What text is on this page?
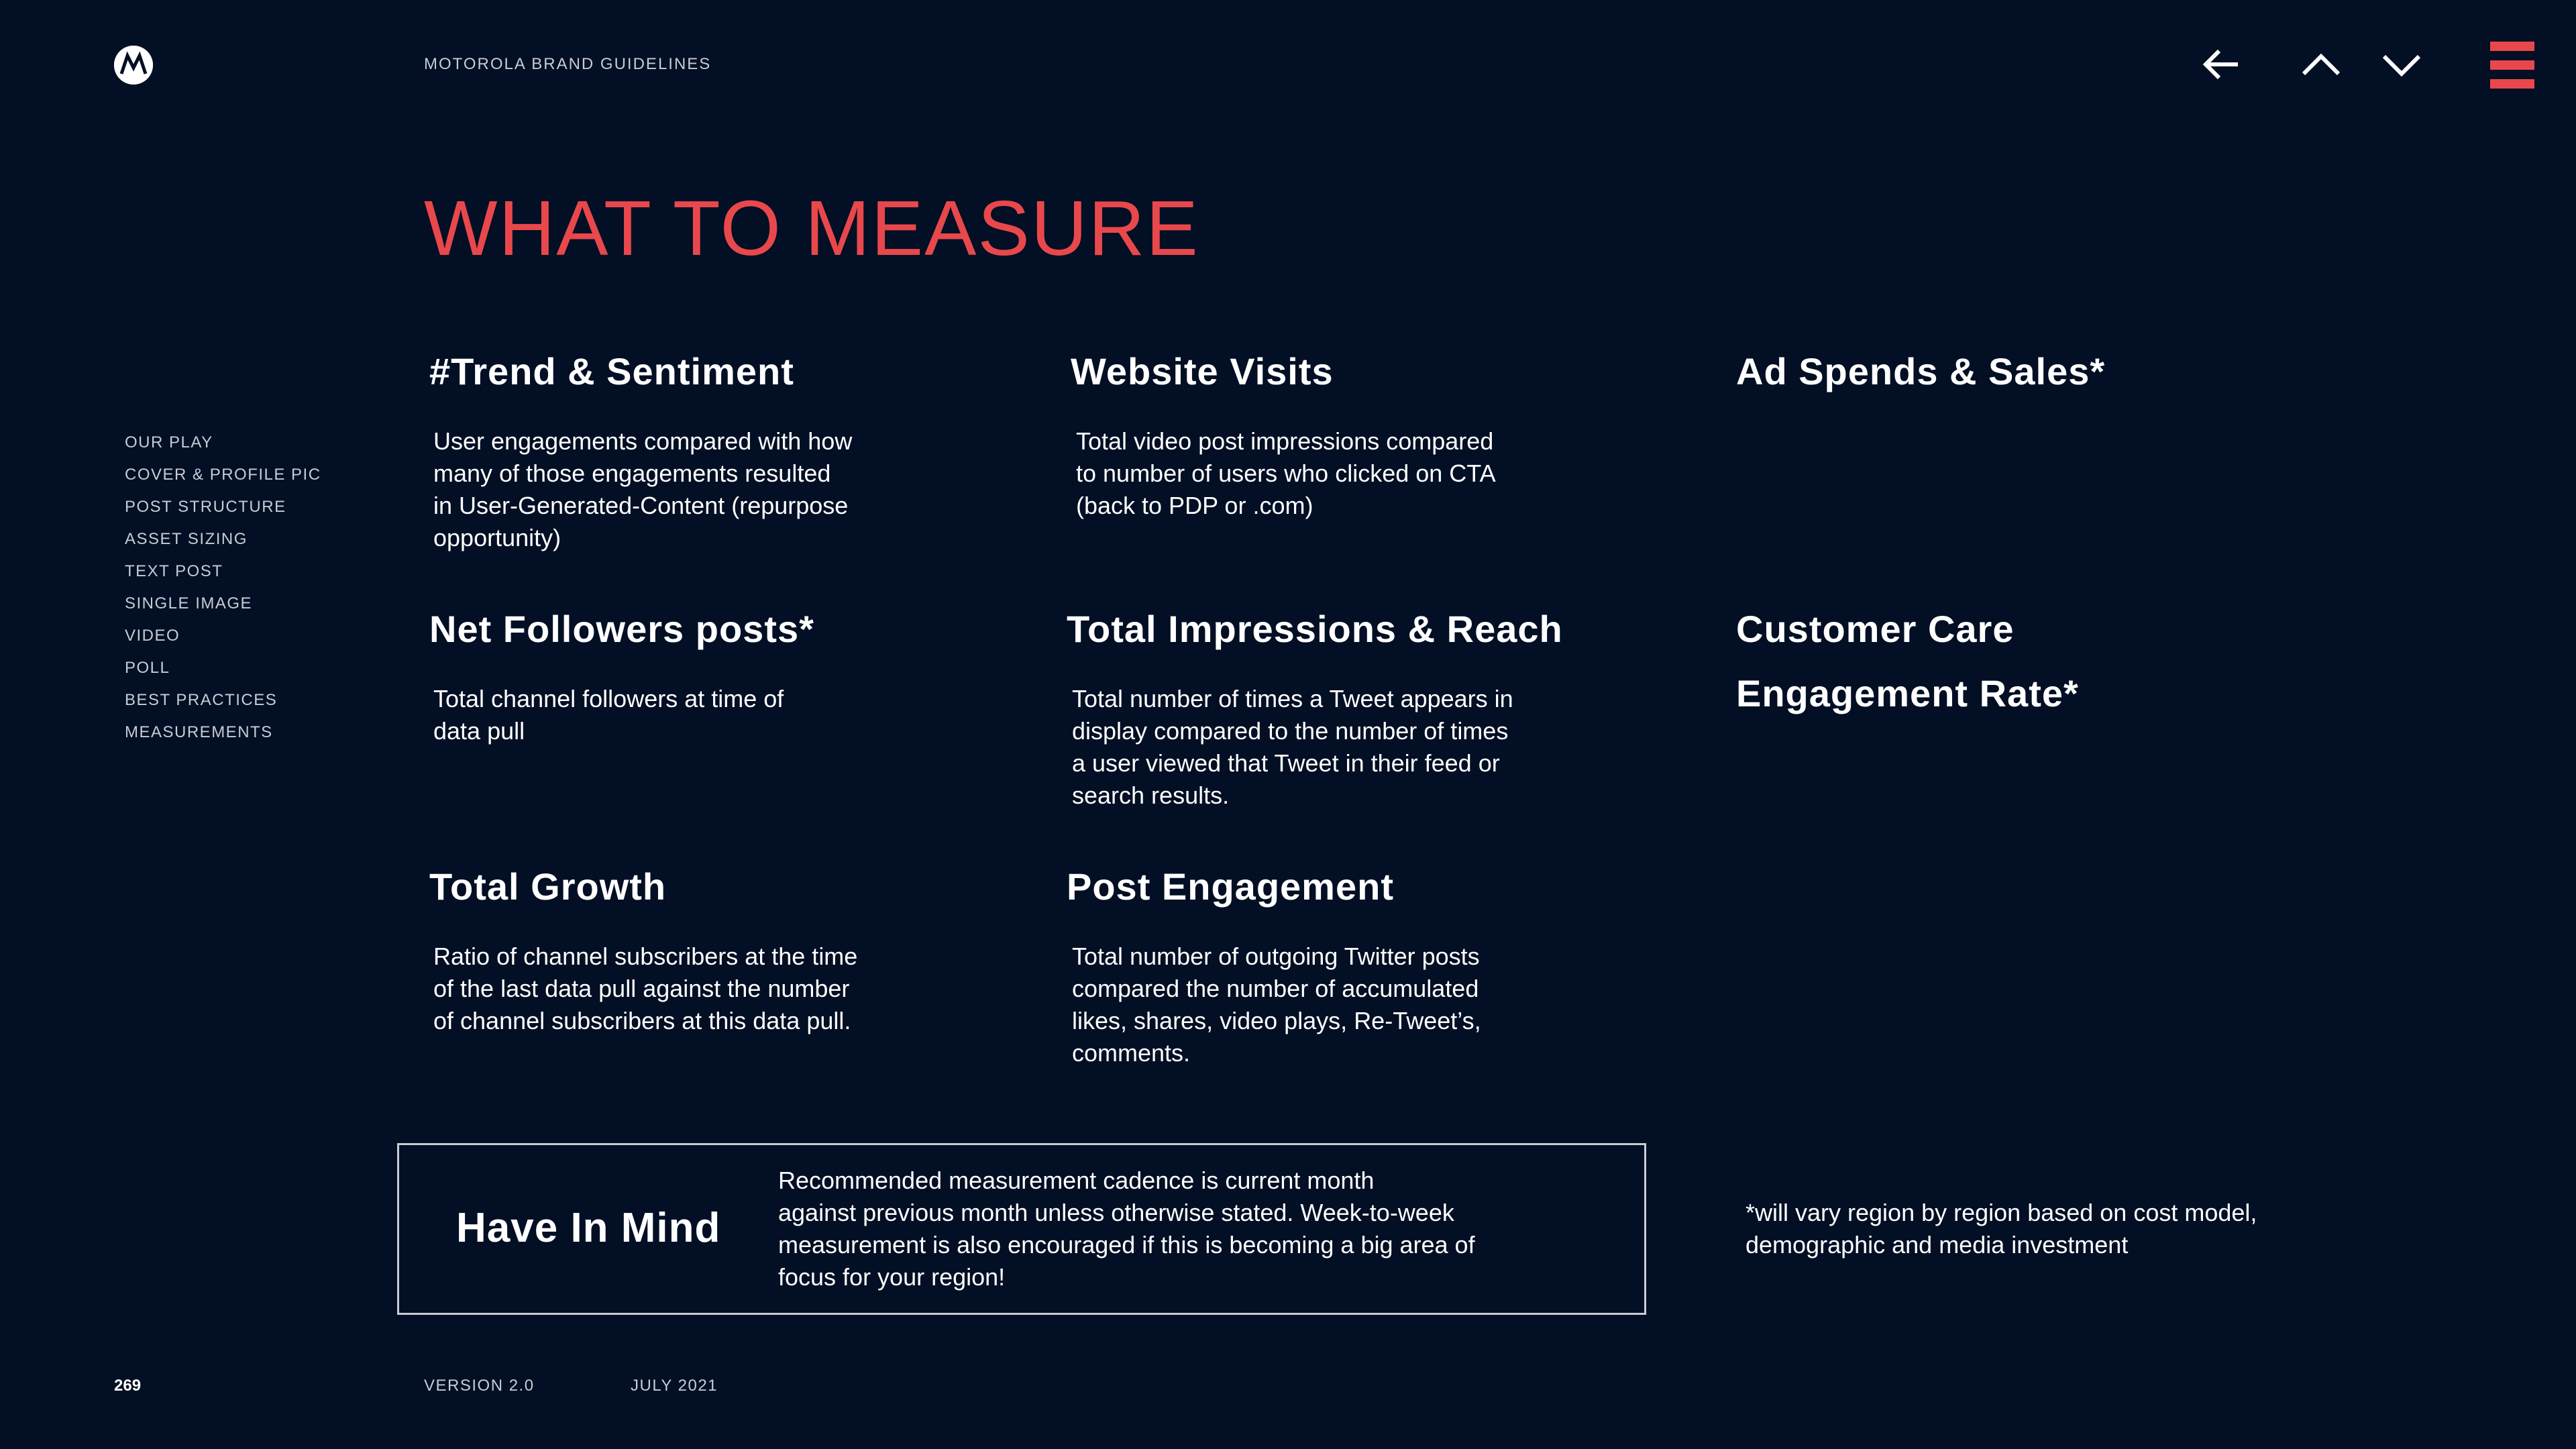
MOTOROLA BRAND GUIDELINES
WHAT TO MEASURE
OUR PLAY
COVER & PROFILE PIC
POST STRUCTURE
ASSET SIZING
TEXT POST
SINGLE IMAGE
VIDEO
POLL
BEST PRACTICES
MEASUREMENTS
#Trend & Sentiment

User engagements compared with how
many of those engagements resulted
in User-Generated-Content (repurpose
opportunity)

Net Followers posts*

Total channel followers at time of
data pull

Total Growth

Ratio of channel subscribers at the time
of the last data pull against the number
of channel subscribers at this data pull.

Website Visits

Total video post impressions compared
to number of users who clicked on CTA
(back to PDP or .com)

Total Impressions & Reach

Total number of times a Tweet appears in
display compared to the number of times
a user viewed that Tweet in their feed or
search results.

Post Engagement

Total number of outgoing Twitter posts
compared the number of accumulated
likes, shares, video plays, Re-Tweet’s,
comments.

Ad Spends & Sales*
Customer Care
Engagement Rate*
Have In Mind

Recommended measurement cadence is current month
against previous month unless otherwise stated. Week-to-week
measurement is also encouraged if this is becoming a big area of
focus for your region!

*will vary region by region based on cost model,
demographic and media investment

269	VERSION 2.0	JULY 2021
